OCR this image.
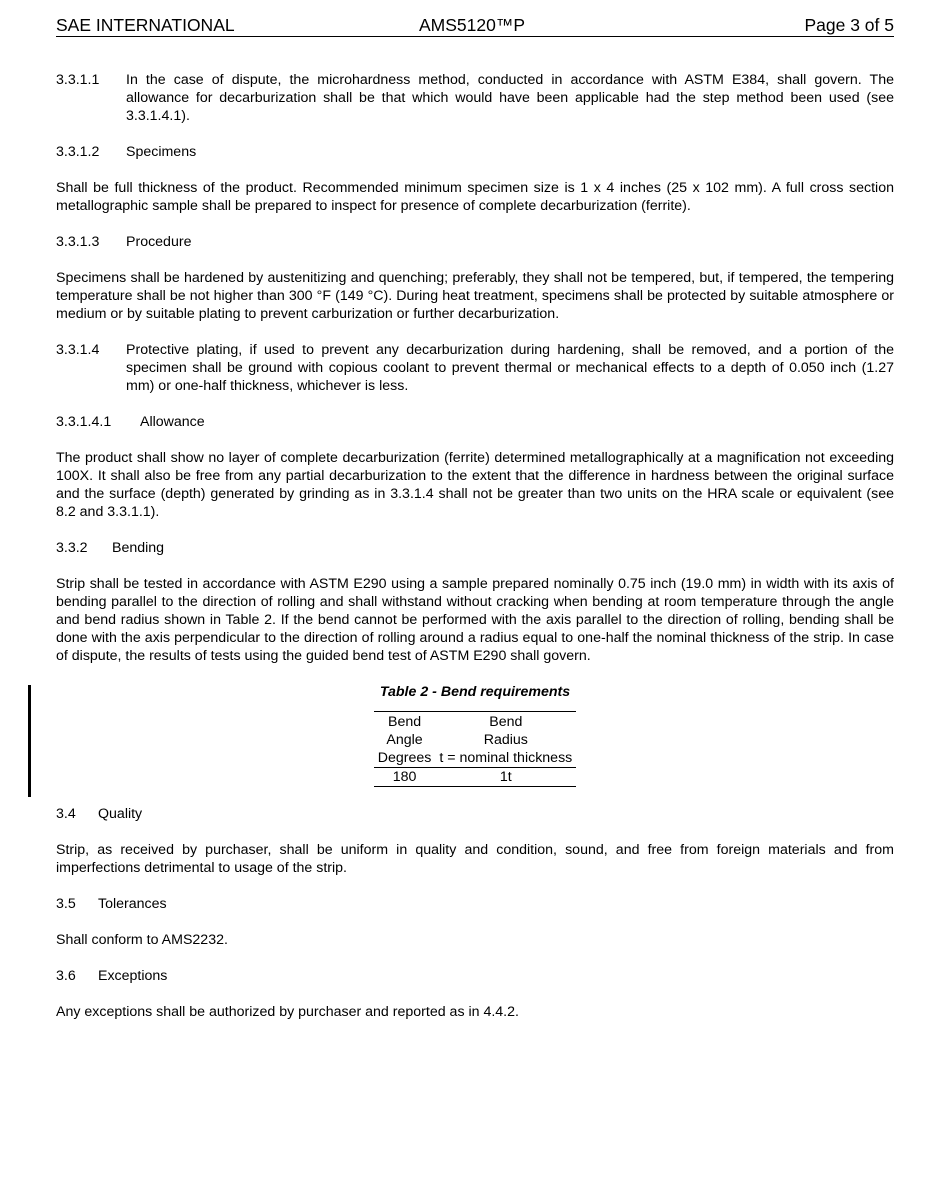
SAE INTERNATIONAL	AMS5120™P	Page 3 of 5
3.3.1.1	In the case of dispute, the microhardness method, conducted in accordance with ASTM E384, shall govern. The allowance for decarburization shall be that which would have been applicable had the step method been used (see 3.3.1.4.1).

3.3.1.2	Specimens

Shall be full thickness of the product. Recommended minimum specimen size is 1 x 4 inches (25 x 102 mm). A full cross section metallographic sample shall be prepared to inspect for presence of complete decarburization (ferrite).

3.3.1.3	Procedure

Specimens shall be hardened by austenitizing and quenching; preferably, they shall not be tempered, but, if tempered, the tempering temperature shall be not higher than 300 °F (149 °C). During heat treatment, specimens shall be protected by suitable atmosphere or medium or by suitable plating to prevent carburization or further decarburization.

3.3.1.4	Protective plating, if used to prevent any decarburization during hardening, shall be removed, and a portion of the specimen shall be ground with copious coolant to prevent thermal or mechanical effects to a depth of 0.050 inch (1.27 mm) or one-half thickness, whichever is less.

3.3.1.4.1	Allowance

The product shall show no layer of complete decarburization (ferrite) determined metallographically at a magnification not exceeding 100X. It shall also be free from any partial decarburization to the extent that the difference in hardness between the original surface and the surface (depth) generated by grinding as in 3.3.1.4 shall not be greater than two units on the HRA scale or equivalent (see 8.2 and 3.3.1.1).

3.3.2	Bending

Strip shall be tested in accordance with ASTM E290 using a sample prepared nominally 0.75 inch (19.0 mm) in width with its axis of bending parallel to the direction of rolling and shall withstand without cracking when bending at room temperature through the angle and bend radius shown in Table 2. If the bend cannot be performed with the axis parallel to the direction of rolling, bending shall be done with the axis perpendicular to the direction of rolling around a radius equal to one-half the nominal thickness of the strip. In case of dispute, the results of tests using the guided bend test of ASTM E290 shall govern.

Table 2 - Bend requirements
Bend	Bend
Angle	Radius
Degrees	t = nominal thickness
180	1t
3.4	Quality

Strip, as received by purchaser, shall be uniform in quality and condition, sound, and free from foreign materials and from imperfections detrimental to usage of the strip.

3.5	Tolerances

Shall conform to AMS2232.

3.6	Exceptions

Any exceptions shall be authorized by purchaser and reported as in 4.4.2.
